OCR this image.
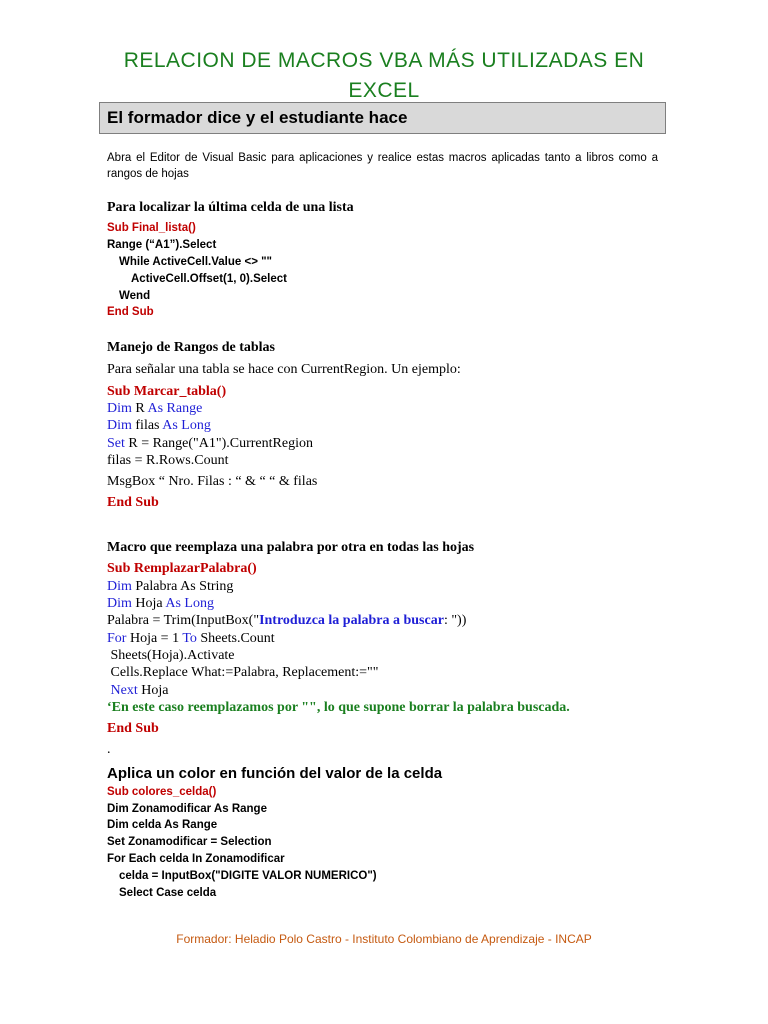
RELACION DE MACROS VBA MÁS UTILIZADAS EN
EXCEL
El formador dice y el estudiante hace
Abra el Editor de Visual Basic para aplicaciones y realice estas macros aplicadas tanto a libros como a rangos de hojas
Para localizar la última celda de una lista
Sub Final_lista()
Range (“A1”).Select
While ActiveCell.Value <> ""
ActiveCell.Offset(1, 0).Select
Wend
End Sub
Manejo de Rangos de tablas
Para señalar una tabla se hace con CurrentRegion. Un ejemplo:
Sub Marcar_tabla()
Dim R As Range
Dim filas As Long
Set R = Range("A1").CurrentRegion
filas = R.Rows.Count
MsgBox “ Nro. Filas : “ & “ “ & filas
End Sub
Macro que reemplaza una palabra por otra en todas las hojas
Sub RemplazarPalabra()
Dim Palabra As String
Dim Hoja As Long
Palabra = Trim(InputBox("Introduzca la palabra a buscar: "))
For Hoja = 1 To Sheets.Count
Sheets(Hoja).Activate
Cells.Replace What:=Palabra, Replacement:=""
Next Hoja
‘En este caso reemplazamos por "", lo que supone borrar la palabra buscada.
End Sub
.
Aplica un color en función del valor de la celda
Sub colores_celda()
Dim Zonamodificar As Range
Dim celda As Range
Set Zonamodificar = Selection
For Each celda In Zonamodificar
celda = InputBox("DIGITE VALOR NUMERICO")
Select Case celda
Formador: Heladio Polo Castro - Instituto Colombiano de Aprendizaje - INCAP
